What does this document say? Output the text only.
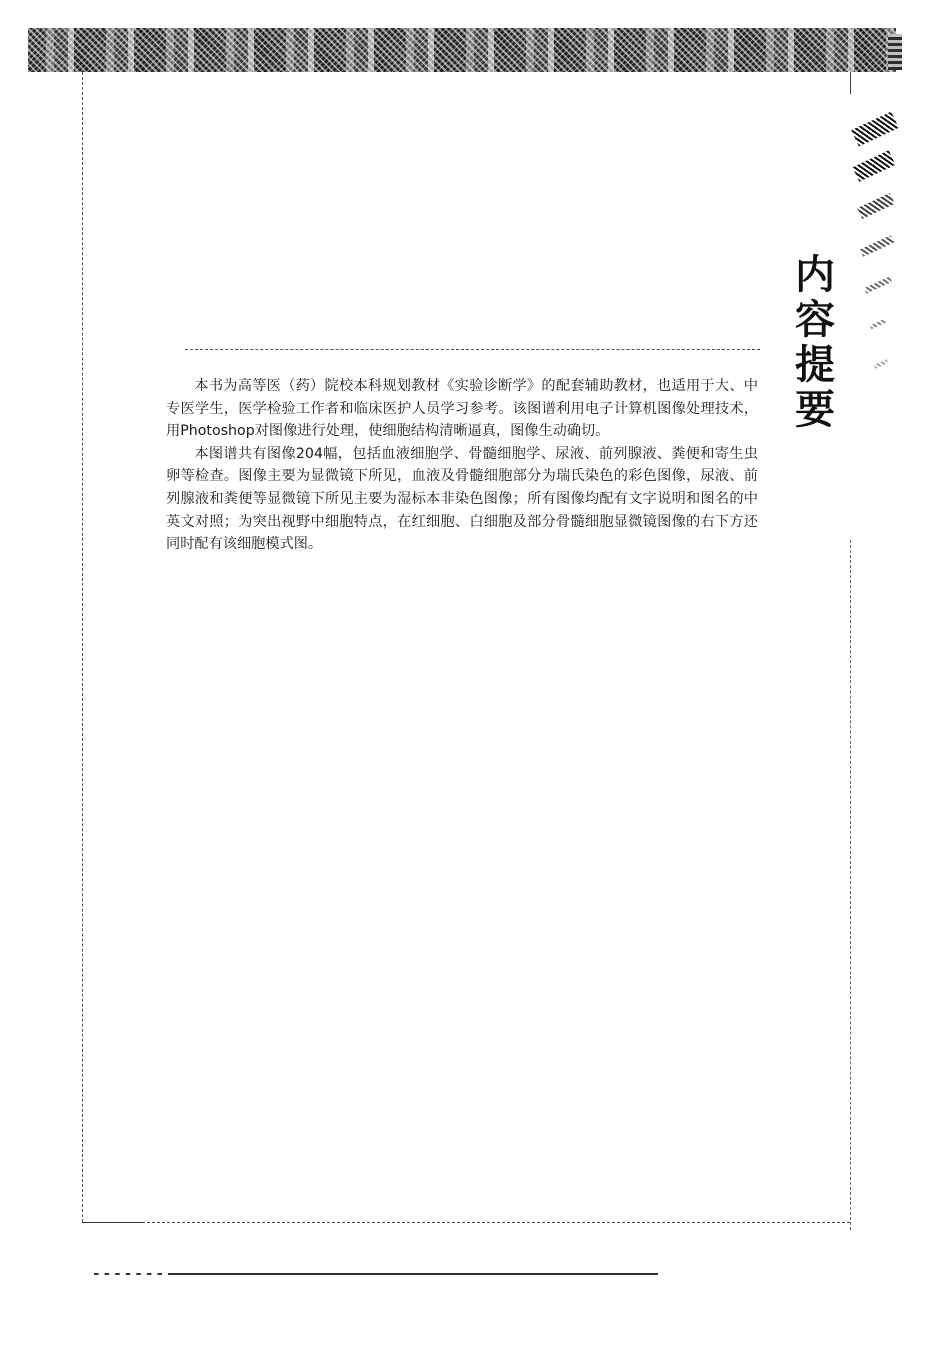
内
容
提
要

本书为高等医（药）院校本科规划教材《实验诊断学》的配套辅助教材，也适用于大、中专医学生，医学检验工作者和临床医护人员学习参考。该图谱利用电子计算机图像处理技术，用Photoshop对图像进行处理，使细胞结构清晰逼真，图像生动确切。

本图谱共有图像204幅，包括血液细胞学、骨髓细胞学、尿液、前列腺液、粪便和寄生虫卵等检查。图像主要为显微镜下所见，血液及骨髓细胞部分为瑞氏染色的彩色图像，尿液、前列腺液和粪便等显微镜下所见主要为湿标本非染色图像；所有图像均配有文字说明和图名的中英文对照；为突出视野中细胞特点，在红细胞、白细胞及部分骨髓细胞显微镜图像的右下方还同时配有该细胞模式图。
